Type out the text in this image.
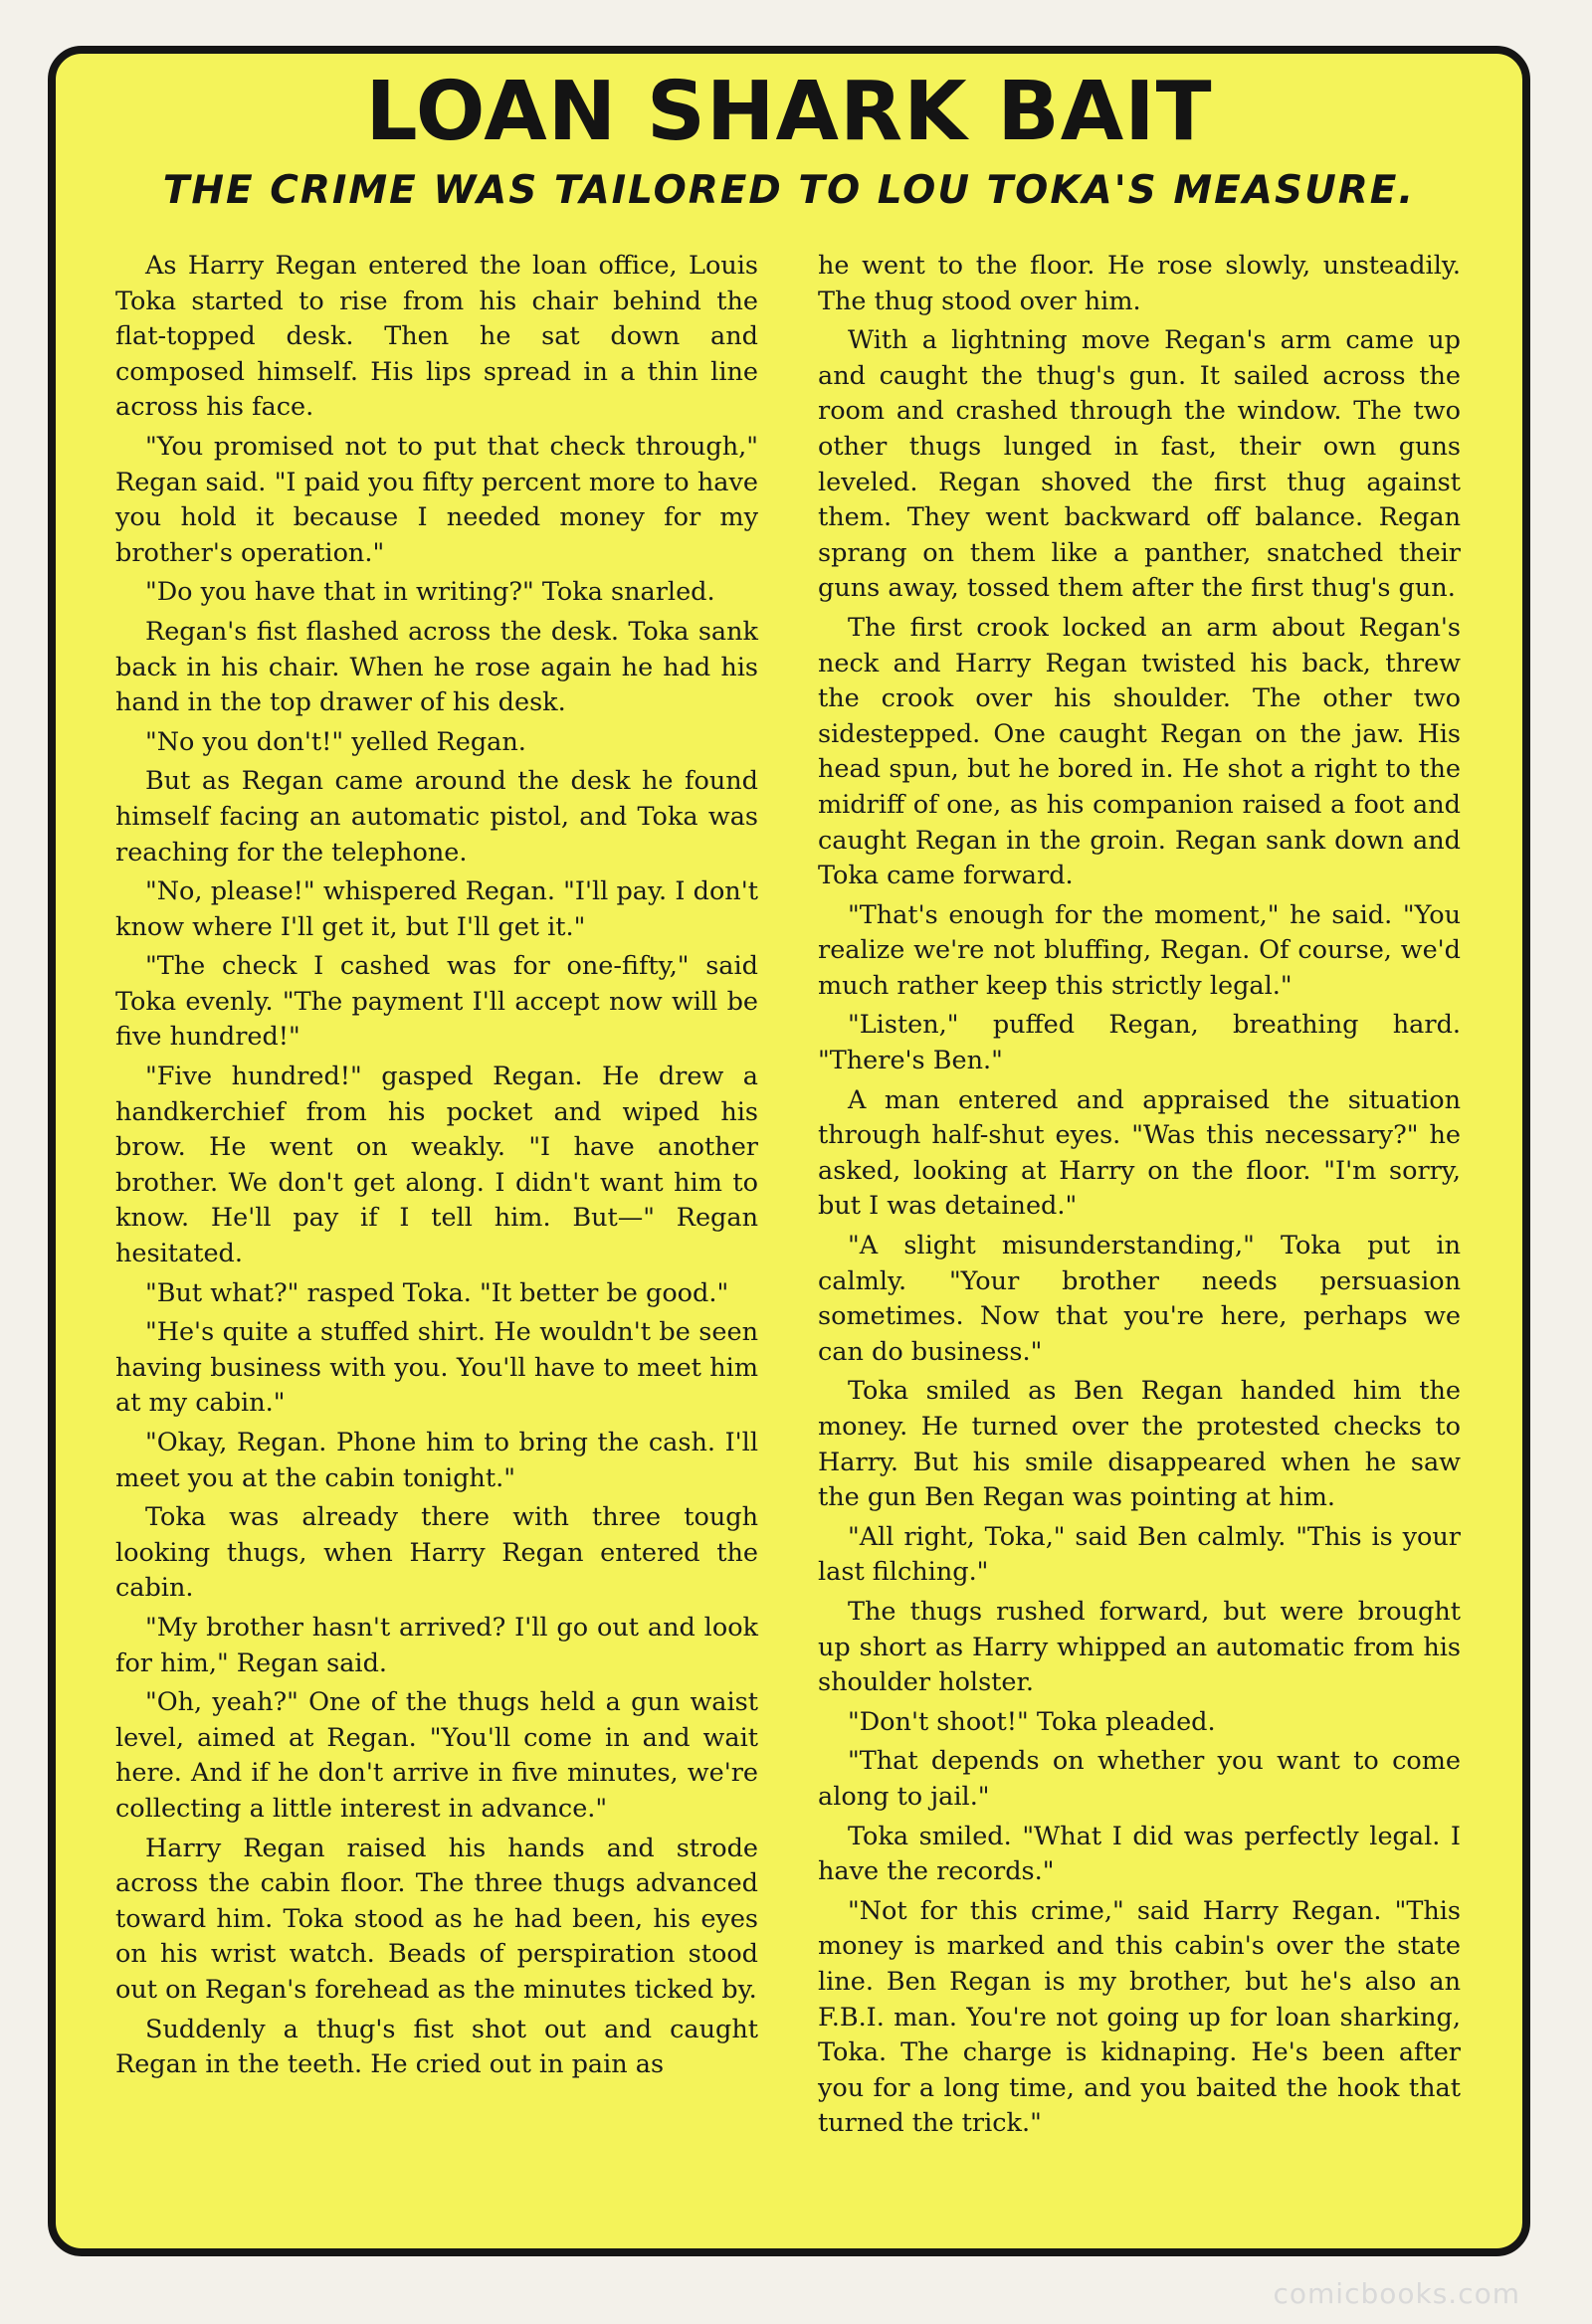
LOAN SHARK BAIT
THE CRIME WAS TAILORED TO LOU TOKA'S MEASURE.

As Harry Regan entered the loan office, Louis Toka started to rise from his chair behind the flat-topped desk. Then he sat down and composed himself. His lips spread in a thin line across his face.

"You promised not to put that check through," Regan said. "I paid you fifty percent more to have you hold it because I needed money for my brother's operation."

"Do you have that in writing?" Toka snarled.

Regan's fist flashed across the desk. Toka sank back in his chair. When he rose again he had his hand in the top drawer of his desk.

"No you don't!" yelled Regan.

But as Regan came around the desk he found himself facing an automatic pistol, and Toka was reaching for the telephone.

"No, please!" whispered Regan. "I'll pay. I don't know where I'll get it, but I'll get it."

"The check I cashed was for one-fifty," said Toka evenly. "The payment I'll accept now will be five hundred!"

"Five hundred!" gasped Regan. He drew a handkerchief from his pocket and wiped his brow. He went on weakly. "I have another brother. We don't get along. I didn't want him to know. He'll pay if I tell him. But—" Regan hesitated.

"But what?" rasped Toka. "It better be good."

"He's quite a stuffed shirt. He wouldn't be seen having business with you. You'll have to meet him at my cabin."

"Okay, Regan. Phone him to bring the cash. I'll meet you at the cabin tonight."

Toka was already there with three tough looking thugs, when Harry Regan entered the cabin.

"My brother hasn't arrived? I'll go out and look for him," Regan said.

"Oh, yeah?" One of the thugs held a gun waist level, aimed at Regan. "You'll come in and wait here. And if he don't arrive in five minutes, we're collecting a little interest in advance."

Harry Regan raised his hands and strode across the cabin floor. The three thugs advanced toward him. Toka stood as he had been, his eyes on his wrist watch. Beads of perspiration stood out on Regan's forehead as the minutes ticked by.

Suddenly a thug's fist shot out and caught Regan in the teeth. He cried out in pain as

he went to the floor. He rose slowly, unsteadily. The thug stood over him.

With a lightning move Regan's arm came up and caught the thug's gun. It sailed across the room and crashed through the window. The two other thugs lunged in fast, their own guns leveled. Regan shoved the first thug against them. They went backward off balance. Regan sprang on them like a panther, snatched their guns away, tossed them after the first thug's gun.

The first crook locked an arm about Regan's neck and Harry Regan twisted his back, threw the crook over his shoulder. The other two sidestepped. One caught Regan on the jaw. His head spun, but he bored in. He shot a right to the midriff of one, as his companion raised a foot and caught Regan in the groin. Regan sank down and Toka came forward.

"That's enough for the moment," he said. "You realize we're not bluffing, Regan. Of course, we'd much rather keep this strictly legal."

"Listen," puffed Regan, breathing hard. "There's Ben."

A man entered and appraised the situation through half-shut eyes. "Was this necessary?" he asked, looking at Harry on the floor. "I'm sorry, but I was detained."

"A slight misunderstanding," Toka put in calmly. "Your brother needs persuasion sometimes. Now that you're here, perhaps we can do business."

Toka smiled as Ben Regan handed him the money. He turned over the protested checks to Harry. But his smile disappeared when he saw the gun Ben Regan was pointing at him.

"All right, Toka," said Ben calmly. "This is your last filching."

The thugs rushed forward, but were brought up short as Harry whipped an automatic from his shoulder holster.

"Don't shoot!" Toka pleaded.

"That depends on whether you want to come along to jail."

Toka smiled. "What I did was perfectly legal. I have the records."

"Not for this crime," said Harry Regan. "This money is marked and this cabin's over the state line. Ben Regan is my brother, but he's also an F.B.I. man. You're not going up for loan sharking, Toka. The charge is kidnaping. He's been after you for a long time, and you baited the hook that turned the trick."

comicbooks.com
